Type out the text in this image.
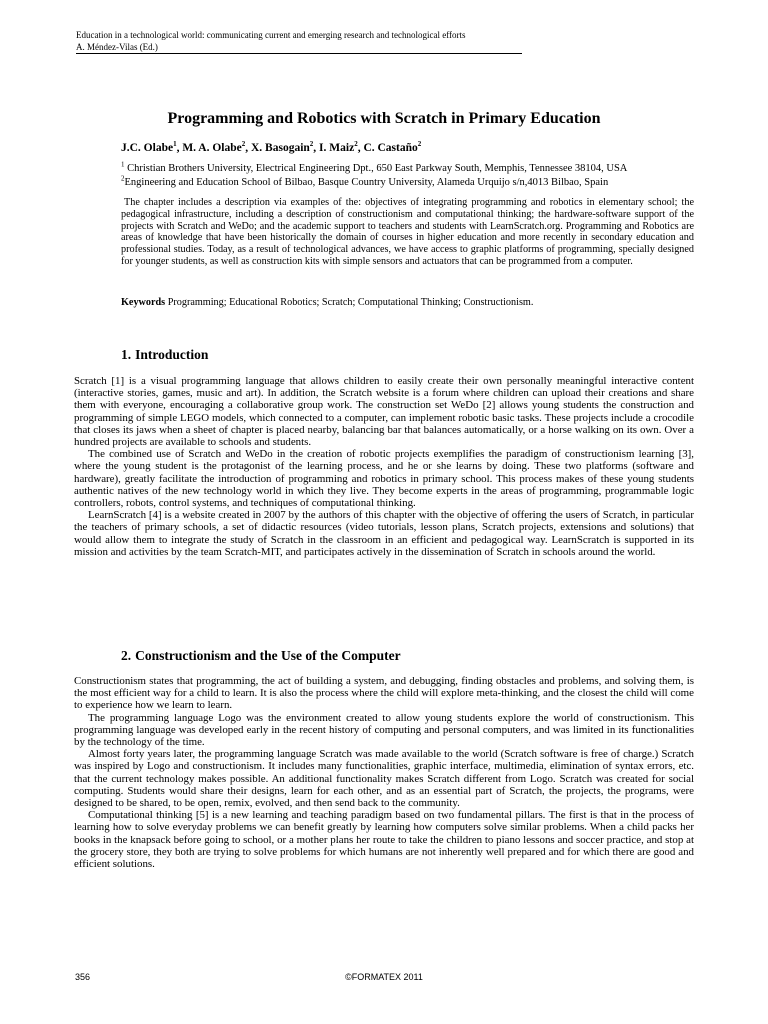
Education in a technological world: communicating current and emerging research and technological efforts
A. Méndez-Vilas (Ed.)
Programming and Robotics with Scratch in Primary Education
J.C. Olabe$^1$, M. A. Olabe$^2$, X. Basogain$^2$, I. Maiz$^2$, C. Castaño$^2$
$^1$ Christian Brothers University, Electrical Engineering Dpt., 650 East Parkway South, Memphis, Tennessee 38104, USA
$^2$Engineering and Education School of Bilbao, Basque Country University, Alameda Urquijo s/n,4013 Bilbao, Spain

The chapter includes a description via examples of the: objectives of integrating programming and robotics in elementary school; the pedagogical infrastructure, including a description of constructionism and computational thinking; the hardware-software support of the projects with Scratch and WeDo; and the academic support to teachers and students with LearnScratch.org. Programming and Robotics are areas of knowledge that have been historically the domain of courses in higher education and more recently in secondary education and professional studies. Today, as a result of technological advances, we have access to graphic platforms of programming, specially designed for younger students, as well as construction kits with simple sensors and actuators that can be programmed from a computer.

Keywords Programming; Educational Robotics; Scratch; Computational Thinking; Constructionism.

1. Introduction

Scratch [1] is a visual programming language that allows children to easily create their own personally meaningful interactive content (interactive stories, games, music and art). In addition, the Scratch website is a forum where children can upload their creations and share them with everyone, encouraging a collaborative group work. The construction set WeDo [2] allows young students the construction and programming of simple LEGO models, which connected to a computer, can implement robotic basic tasks. These projects include a crocodile that closes its jaws when a sheet of chapter is placed nearby, balancing bar that balances automatically, or a horse walking on its own. Over a hundred projects are available to schools and students.

The combined use of Scratch and WeDo in the creation of robotic projects exemplifies the paradigm of constructionism learning [3], where the young student is the protagonist of the learning process, and he or she learns by doing. These two platforms (software and hardware), greatly facilitate the introduction of programming and robotics in primary school. This process makes of these young students authentic natives of the new technology world in which they live. They become experts in the areas of programming, programmable logic controllers, robots, control systems, and techniques of computational thinking.

LearnScratch [4] is a website created in 2007 by the authors of this chapter with the objective of offering the users of Scratch, in particular the teachers of primary schools, a set of didactic resources (video tutorials, lesson plans, Scratch projects, extensions and solutions) that would allow them to integrate the study of Scratch in the classroom in an efficient and pedagogical way. LearnScratch is supported in its mission and activities by the team Scratch-MIT, and participates actively in the dissemination of Scratch in schools around the world.

2. Constructionism and the Use of the Computer

Constructionism states that programming, the act of building a system, and debugging, finding obstacles and problems, and solving them, is the most efficient way for a child to learn. It is also the process where the child will explore meta-thinking, and the closest the child will come to experience how we learn to learn.

The programming language Logo was the environment created to allow young students explore the world of constructionism. This programming language was developed early in the recent history of computing and personal computers, and was limited in its functionalities by the technology of the time.

Almost forty years later, the programming language Scratch was made available to the world (Scratch software is free of charge.) Scratch was inspired by Logo and constructionism. It includes many functionalities, graphic interface, multimedia, elimination of syntax errors, etc. that the current technology makes possible. An additional functionality makes Scratch different from Logo. Scratch was created for social computing. Students would share their designs, learn for each other, and as an essential part of Scratch, the projects, the programs, were designed to be shared, to be open, remix, evolved, and then send back to the community.

Computational thinking [5] is a new learning and teaching paradigm based on two fundamental pillars. The first is that in the process of learning how to solve everyday problems we can benefit greatly by learning how computers solve similar problems. When a child packs her books in the knapsack before going to school, or a mother plans her route to take the children to piano lessons and soccer practice, and stop at the grocery store, they both are trying to solve problems for which humans are not inherently well prepared and for which there are good and efficient solutions.

356	©FORMATEX 2011
